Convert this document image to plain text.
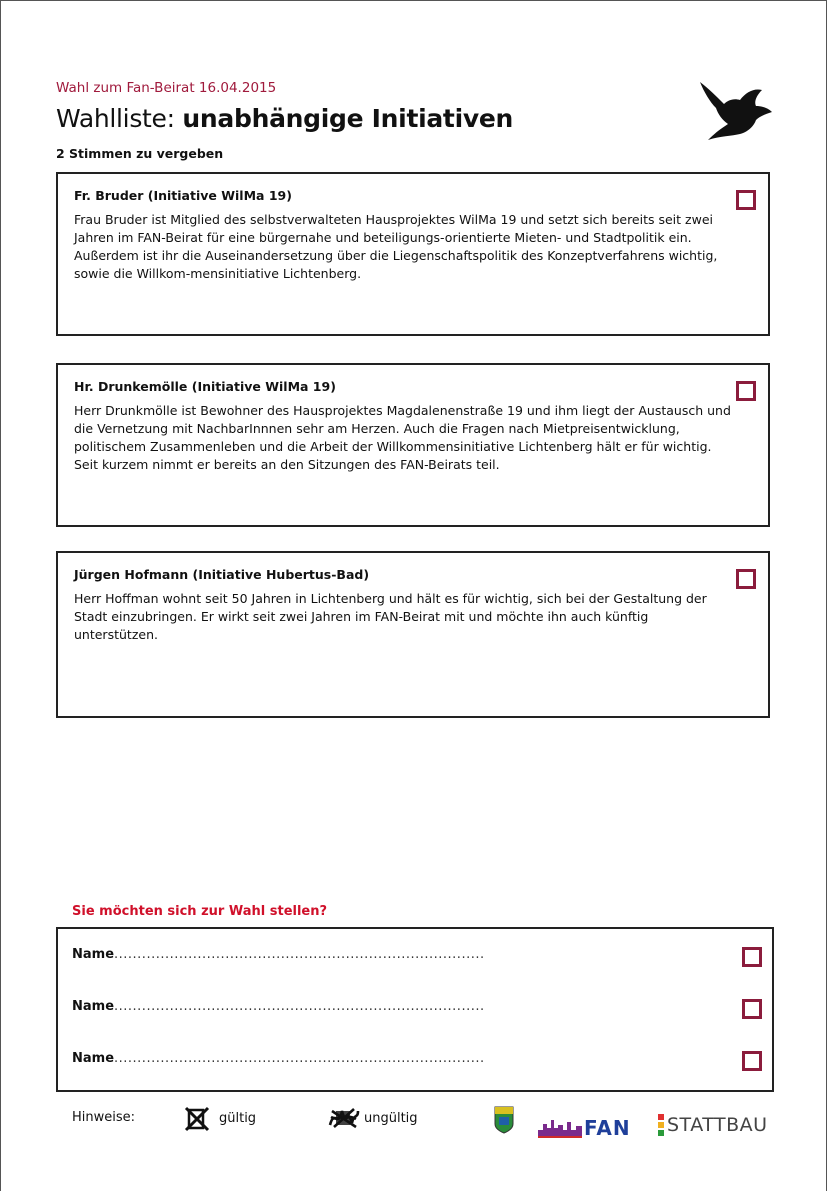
Wahl zum Fan-Beirat 16.04.2015
Wahlliste: unabhängige Initiativen
2 Stimmen zu vergeben
Fr. Bruder (Initiative WilMa 19)
Frau Bruder ist Mitglied des selbstverwalteten Hausprojektes WilMa 19 und setzt sich bereits seit zwei Jahren im FAN-Beirat für eine bürgernahe und beteiligungs-orientierte Mieten- und Stadtpolitik ein. Außerdem ist ihr die Auseinandersetzung über die Liegenschaftspolitik des Konzeptverfahrens wichtig, sowie die Willkom-mensinitiative Lichtenberg.
Hr. Drunkemölle (Initiative WilMa 19)
Herr Drunkmölle ist Bewohner des Hausprojektes Magdalenenstraße 19 und ihm liegt der Austausch und die Vernetzung mit NachbarInnnen sehr am Herzen. Auch die Fragen nach Mietpreisentwicklung, politischem Zusammenleben und die Arbeit der Willkommensinitiative Lichtenberg hält er für wichtig.
Seit kurzem nimmt er bereits an den Sitzungen des FAN-Beirats teil.
Jürgen Hofmann (Initiative Hubertus-Bad)
Herr Hoffman wohnt seit 50 Jahren in Lichtenberg und hält es für wichtig, sich bei der Gestaltung der Stadt einzubringen. Er wirkt seit zwei Jahren im FAN-Beirat mit und möchte ihn auch künftig unterstützen.
Sie möchten sich zur Wahl stellen?
Name................................................................................
Name................................................................................
Name................................................................................
Hinweise:	gültig	ungültig	FAN STATTBAU
